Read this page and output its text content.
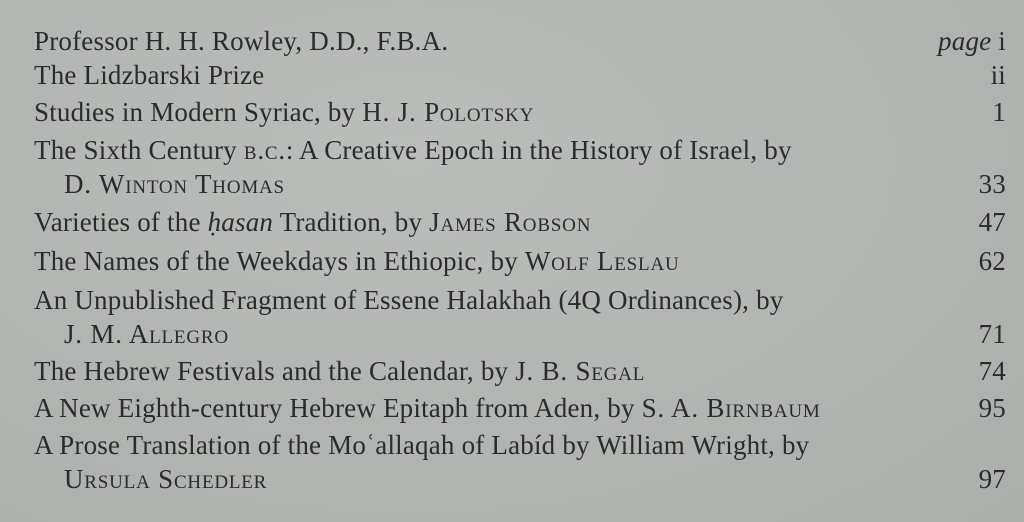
Professor H. H. Rowley, D.D., F.B.A.	page i
The Lidzbarski Prize	ii
Studies in Modern Syriac, by H. J. Polotsky	1
The Sixth Century b.c.: A Creative Epoch in the History of Israel, by
D. Winton Thomas	33
Varieties of the ḥasan Tradition, by James Robson	47
The Names of the Weekdays in Ethiopic, by Wolf Leslau	62
An Unpublished Fragment of Essene Halakhah (4Q Ordinances), by
J. M. Allegro	71
The Hebrew Festivals and the Calendar, by J. B. Segal	74
A New Eighth-century Hebrew Epitaph from Aden, by S. A. Birnbaum	95
A Prose Translation of the Moʿallaqah of Labíd by William Wright, by
Ursula Schedler	97
